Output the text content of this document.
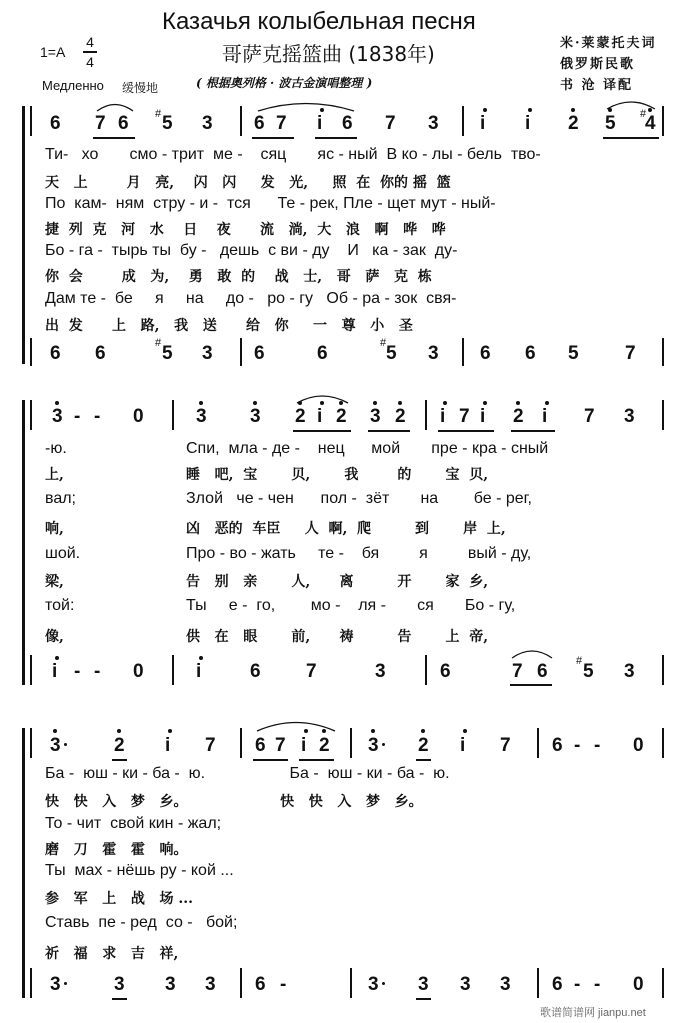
Казачья колыбельная песня
哥萨克摇篮曲 (1838年)
1=A
4
4
Медленно 缓慢地	( 根据奥列格 · 波古金演唱整理 )
米·莱蒙托夫词
俄罗斯民歌
书 沧 译配
6 7 6 # 5 3 6 7 i 6 7 3 i i 2 5 #
4
Ти-   хо       смо - трит  ме -    сяц       яс - ный  В ко - лы - бель  тво-
天   上        月   亮,    闪   闪     发   光,     照  在  你的 摇  篮
По  кам-  ням  стру - и -  тся      Те - рек, Пле - щет мут - ный-
捷  列  克   河   水    日    夜      流   淌,  大   浪   啊   哗   哗
Бо - га -  тырь ты  бу -   дешь  с ви - ду    И   ка - зак  ду-
你  会        成   为,    勇   敢  的    战   士,   哥   萨   克  栋
Дам те -  бе     я     на     до -   ро - гу   Об - ра - зок  свя-
出  发      上   路,   我   送      给   你     一   尊   小   圣
6 6	# 5 3 6	6	# 5 3 6 6 5 7
3 - - 0	3 3 2 i 2 3 2 i 7 i 2 i 7 3
-ю.	Спи,  мла - де -    нец      мой       пре - кра - сный
上,	睡   吧,  宝       贝,       我        的       宝  贝,
вал;	Злой   че - чен      пол -  зёт       на        бе - рег,
响,	凶   恶的  车臣     人  啊,  爬         到       岸  上,
шой.	Про - во - жать     те -    бя         я         вый - ду,
梁,	告   别   亲       人,      离         开       家  乡,
той:	Ты     е -  го,        мо -    ля -       ся       Бо - гу,
像,	供   在   眼       前,      祷         告       上  帝,
i - - 0	i	6 7	3	6	7 6	# 5 3
3	2 i 7 6 7 i 2 3 2 i 7 6 - - 0
Ба -  юш - ки - ба -  ю.                   Ба -  юш - ки - ба -  ю.
快   快   入   梦   乡。                   快   快   入   梦   乡。
То - чит  свой кин - жал;
磨   刀   霍   霍   响。
Ты  мах - нёшь ру - кой ...
参   军   上   战   场 ...
Ставь  пе - ред  со -   бой;
祈   福   求   吉   祥,
3	3 3 3 6 -	3 3 3 3 6 - - 0
歌谱简谱网 jianpu.net
